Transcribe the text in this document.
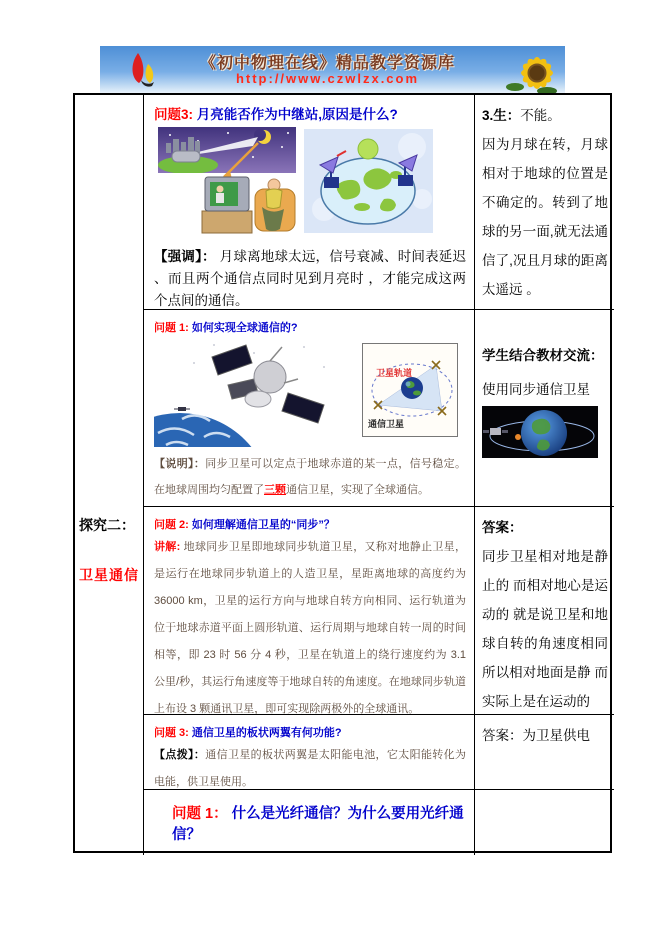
《初中物理在线》精品教学资源库
http://www.czwlzx.com
探究二：
卫星通信
问题3: 月亮能否作为中继站,原因是什么?
【强调】： 月球离地球太远，信号衰减、时间表延迟 、而且两个通信点同时见到月亮时 ，才能完成这两个点间的通信。
3.生：不能。
因为月球在转，月球相对于地球的位置是不确定的。转到了地球的另一面,就无法通信了,况且月球的距离太遥远 。
问题 1: 如何实现全球通信的?
卫星轨道
通信卫星
【说明】：同步卫星可以定点于地球赤道的某一点，信号稳定。在地球周围均匀配置了三颗通信卫星，实现了全球通信。
学生结合教材交流：
使用同步通信卫星
问题 2: 如何理解通信卫星的“同步”？
讲解: 地球同步卫星即地球同步轨道卫星，又称对地静止卫星，是运行在地球同步轨道上的人造卫星，星距离地球的高度约为 36000 km，卫星的运行方向与地球自转方向相同、运行轨道为位于地球赤道平面上圆形轨道、运行周期与地球自转一周的时间相等，即 23 时 56 分 4 秒，卫星在轨道上的绕行速度约为 3.1 公里/秒，其运行角速度等于地球自转的角速度。在地球同步轨道上布设 3 颗通讯卫星，即可实现除两极外的全球通讯。
答案：
同步卫星相对地是静止的 而相对地心是运动的 就是说卫星和地球自转的角速度相同 所以相对地面是静 而实际上是在运动的
问题 3: 通信卫星的板状两翼有何功能?
【点拨】：通信卫星的板状两翼是太阳能电池，它太阳能转化为电能，供卫星使用。
答案：为卫星供电
问题 1： 什么是光纤通信？为什么要用光纤通信？
